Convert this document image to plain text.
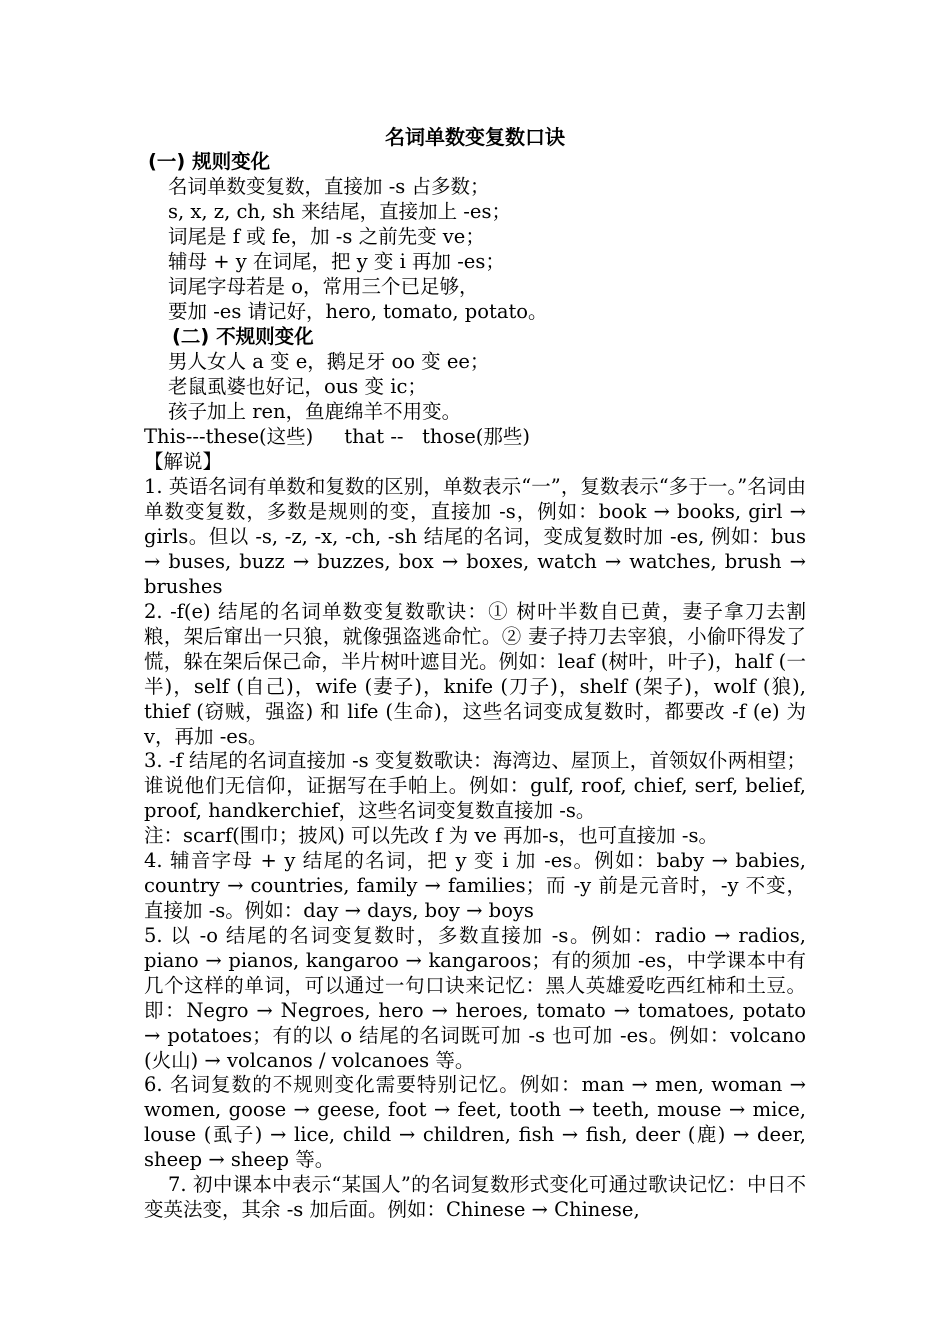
名词单数变复数口诀
(一) 规则变化
名词单数变复数，直接加 -s 占多数；
s, x, z, ch, sh 来结尾，直接加上 -es；
词尾是 f 或 fe，加 -s 之前先变 ve；
辅母 + y 在词尾，把 y 变 i 再加 -es；
词尾字母若是 o，常用三个已足够，
要加 -es 请记好，hero, tomato, potato。
(二) 不规则变化
男人女人 a 变 e，鹅足牙 oo 变 ee；
老鼠虱婆也好记，ous 变 ic；
孩子加上 ren，鱼鹿绵羊不用变。
This---these(这些)     that --   those(那些)
【解说】
1. 英语名词有单数和复数的区别，单数表示“一”，复数表示“多于一。”名词由单数变复数，多数是规则的变，直接加 -s，例如：book → books, girl → girls。但以 -s, -z, -x, -ch, -sh 结尾的名词，变成复数时加 -es, 例如：bus → buses, buzz → buzzes, box → boxes, watch → watches, brush → brushes
2. -f(e) 结尾的名词单数变复数歌诀：① 树叶半数自已黄，妻子拿刀去割粮，架后窜出一只狼，就像强盗逃命忙。② 妻子持刀去宰狼，小偷吓得发了慌，躲在架后保己命，半片树叶遮目光。例如：leaf (树叶，叶子)，half (一半)，self (自己)，wife (妻子)，knife (刀子)，shelf (架子)，wolf (狼), thief (窃贼，强盗) 和 life (生命)，这些名词变成复数时，都要改 -f (e) 为 v，再加 -es。
3. -f 结尾的名词直接加 -s 变复数歌诀：海湾边、屋顶上，首领奴仆两相望；谁说他们无信仰，证据写在手帕上。例如：gulf, roof, chief, serf, belief, proof, handkerchief，这些名词变复数直接加 -s。
注：scarf(围巾；披风) 可以先改 f 为 ve 再加-s，也可直接加 -s。
4. 辅音字母 + y 结尾的名词，把 y 变 i 加 -es。例如：baby → babies, country → countries, family → families；而 -y 前是元音时，-y 不变，直接加 -s。例如：day → days, boy → boys
5. 以 -o 结尾的名词变复数时，多数直接加 -s。例如：radio → radios, piano → pianos, kangaroo → kangaroos；有的须加 -es，中学课本中有几个这样的单词，可以通过一句口诀来记忆：黑人英雄爱吃西红柿和土豆。即：Negro → Negroes, hero → heroes, tomato → tomatoes, potato → potatoes；有的以 o 结尾的名词既可加 -s 也可加 -es。例如：volcano (火山) → volcanos / volcanoes 等。
6. 名词复数的不规则变化需要特别记忆。例如：man → men, woman → women, goose → geese, foot → feet, tooth → teeth, mouse → mice, louse (虱子) → lice, child → children, fish → fish, deer (鹿) → deer, sheep → sheep 等。
7. 初中课本中表示“某国人”的名词复数形式变化可通过歌诀记忆：中日不变英法变，其余 -s 加后面。例如：Chinese → Chinese,
